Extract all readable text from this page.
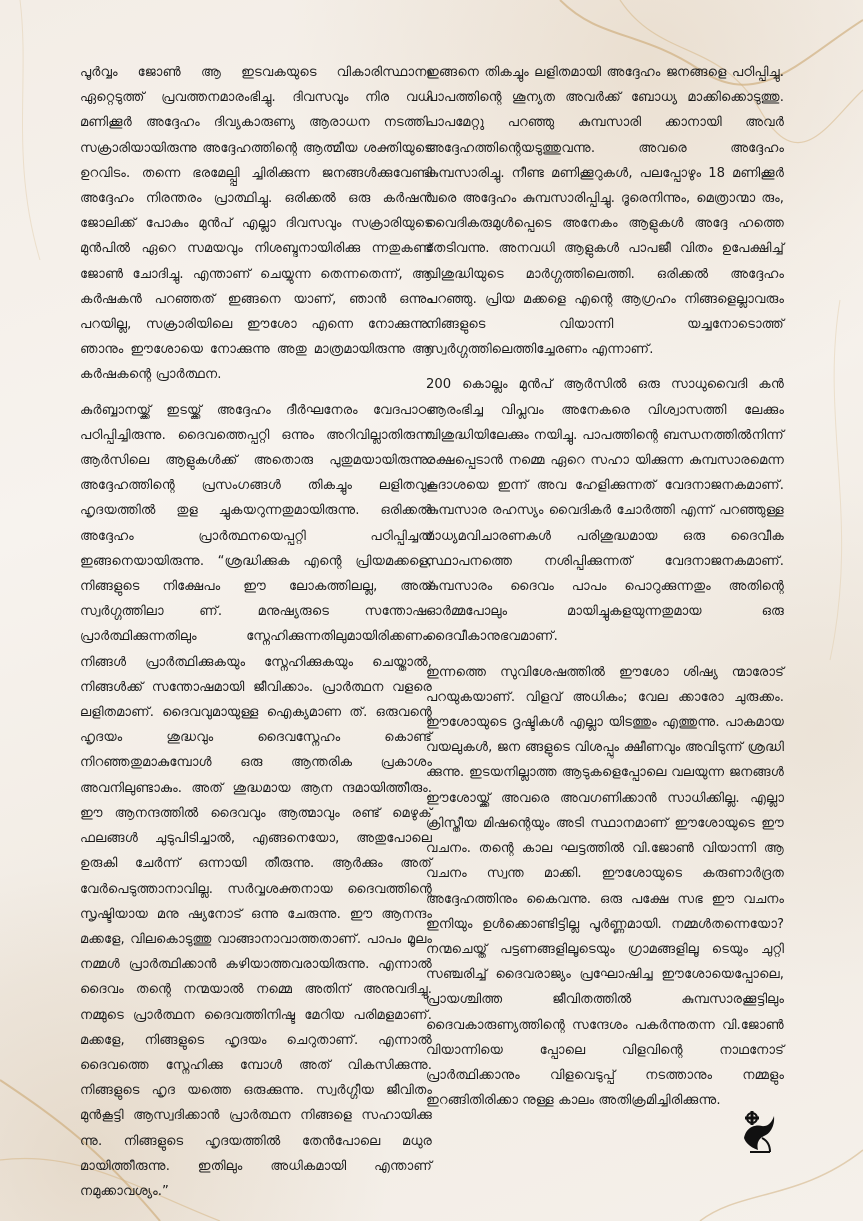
പൂർവ്വം ജോൺ ആ ഇടവകയുടെ വികാരിസ്ഥാനം ഏറ്റെടുത്ത് പ്രവത്തനമാരംഭിച്ചു. ദിവസവും നിര വധി മണിക്കൂർ അദ്ദേഹം ദിവ്യകാരുണ്യ ആരാധന നടത്തി. സക്രാരിയായിരുന്നു അദ്ദേഹത്തിന്റെ ആത്മീയ ശക്തിയുടെ ഉറവിടം. തന്നെ ഭരമേല്പ്പി ച്ചിരിക്കുന്ന ജനങ്ങൾക്കുവേണ്ടി അദ്ദേഹം നിരന്തരം പ്രാത്ഥിച്ചു. ഒരിക്കൽ ഒരു കർഷൻ ജോലിക്ക് പോകും മുൻപ് എല്ലാ ദിവസവും സക്രാരിയുടെ മുൻപിൽ ഏറെ സമയവും നിശബ്ദനായിരിക്കു ന്നതുകണ്ട് ജോൺ ചോദിച്ചു. എന്താണ് ചെയ്യുന്ന തെന്നതെന്ന്, ആ കർഷകൻ പറഞ്ഞത് ഇങ്ങനെ യാണ്, ഞാൻ ഒന്നും പറയില്ല, സക്രാരിയിലെ ഈശോ എന്നെ നോക്കുന്നു. ഞാനും ഈശോയെ നോക്കുന്നു അതു മാത്രമായിരുന്നു ആ കർഷകന്റെ പ്രാർത്ഥന.

കുർബ്ബാനയ്ക്ക് ഇടയ്ക്ക് അദ്ദേഹം ദീർഘനേരം വേദപാഠം പഠിപ്പിച്ചിരുന്നു. ദൈവത്തെപ്പറ്റി ഒന്നും അറിവില്ലാതിരുന്ന ആർസിലെ ആളുകൾക്ക് അതൊരു പുതുമയായിരുന്നു. അദ്ദേഹത്തിന്റെ പ്രസംഗങ്ങൾ തികച്ചും ലളിതവും ഹൃദയത്തിൽ തുള ച്ചുകയറുന്നതുമായിരുന്നു. ഒരിക്കൽ അദ്ദേഹം പ്രാർത്ഥനയെപ്പറ്റി പഠിപ്പിച്ചത് ഇങ്ങനെയായിരുന്നു. “ശ്രദ്ധിക്കുക എന്റെ പ്രിയമക്കളെ, നിങ്ങളുടെ നിക്ഷേപം ഈ ലോകത്തിലല്ല, അത് സ്വർഗ്ഗത്തിലാ ണ്. മനുഷ്യരുടെ സന്തോഷം പ്രാർത്ഥിക്കുന്നതിലും സ്നേഹിക്കുന്നതിലുമായിരിക്കണം. നിങ്ങൾ പ്രാർത്ഥിക്കുകയും സ്നേഹിക്കുകയും ചെയ്താൽ, നിങ്ങൾക്ക് സന്തോഷമായി ജീവിക്കാം. പ്രാർത്ഥന വളരെ ലളിതമാണ്. ദൈവവുമായുള്ള ഐക്യമാണ ത്. ഒരുവന്റെ ഹൃദയം ശുദ്ധവും ദൈവസ്നേഹം കൊണ്ട് നിറഞ്ഞതുമാകുമ്പോൾ ഒരു ആന്തരിക പ്രകാശം അവനിലുണ്ടാകും. അത് ശുദ്ധമായ ആന ന്ദമായിത്തീരും. ഈ ആനന്ദത്തിൽ ദൈവവും ആത്മാവും രണ്ട് മെഴുക് ഫലങ്ങൾ ചുടുപിടിച്ചാൽ, എങ്ങനെയോ, അതുപോലെ ഉരുകി ചേർന്ന് ഒന്നായി തീരുന്നു. ആർക്കും അത് വേർപെടുത്താനാവില്ല. സർവ്വശക്തനായ ദൈവത്തിന്റെ സൃഷ്ടിയായ മനു ഷ്യനോട് ഒന്നു ചേരുന്നു. ഈ ആനന്ദം മക്കളേ, വിലകൊടുത്തു വാങ്ങാനാവാത്തതാണ്. പാപം മൂലം നമ്മൾ പ്രാർത്ഥിക്കാൻ കഴിയാത്തവരായിരുന്നു. എന്നാൽ ദൈവം തന്റെ നന്മയാൽ നമ്മെ അതിന് അനുവദിച്ചു. നമ്മുടെ പ്രാർത്ഥന ദൈവത്തിനിഷ്ട മേറിയ പരിമളമാണ്. മക്കളേ, നിങ്ങളുടെ ഹൃദയം ചെറുതാണ്. എന്നാൽ ദൈവത്തെ സ്നേഹിക്കു മ്പോൾ അത് വികസിക്കുന്നു. നിങ്ങളുടെ ഹൃദ യത്തെ ഒരുക്കുന്നു. സ്വർഗ്ഗീയ ജീവിതം മുൻകൂട്ടി ആസ്വദിക്കാൻ പ്രാർത്ഥന നിങ്ങളെ സഹായിക്കു ന്നു. നിങ്ങളുടെ ഹൃദയത്തിൽ തേൻപോലെ മധുര മായിത്തീരുന്നു. ഇതിലും അധികമായി എന്താണ് നമുക്കാവശ്യം.”

ഇങ്ങനെ തികച്ചും ലളിതമായി അദ്ദേഹം ജനങ്ങളെ പഠിപ്പിച്ചു. പാപത്തിന്റെ ശൂന്യത അവർക്ക് ബോധ്യ മാക്കിക്കൊടുത്തു. പാപമേറ്റു പറഞ്ഞു കുമ്പസാരി ക്കാനായി അവർ അദ്ദേഹത്തിന്റെയടുത്തുവന്നു. അവരെ അദ്ദേഹം കുമ്പസാരിച്ചു. നീണ്ട മണിക്കൂറുകൾ, പലപ്പോഴും 18 മണിക്കൂർ വരെ അദ്ദേഹം കുമ്പസാരിപ്പിച്ചു. ദൂരെനിന്നും, മെത്രാന്മാ രും, വൈദികരുമുൾപ്പെടെ അനേകം ആളുകൾ അദ്ദേ ഹത്തെ തേടിവന്നു. അനവധി ആളുകൾ പാപജീ വിതം ഉപേക്ഷിച്ച് വിശുദ്ധിയുടെ മാർഗ്ഗത്തിലെത്തി. ഒരിക്കൽ അദ്ദേഹം പറഞ്ഞു. പ്രിയ മക്കളെ എന്റെ ആഗ്രഹം നിങ്ങളെല്ലാവരും നിങ്ങളുടെ വിയാന്നി യച്ചനോടൊത്ത് സ്വർഗ്ഗത്തിലെത്തിച്ചേരണം എന്നാണ്.

200 കൊല്ലം മുൻപ് ആർസിൽ ഒരു സാധുവൈദി കൻ ആരംഭിച്ച വിപ്ലവം അനേകരെ വിശ്വാസത്തി ലേക്കും വിശുദ്ധിയിലേക്കും നയിച്ചു. പാപത്തിന്റെ ബന്ധനത്തിൽനിന്ന് രക്ഷപ്പെടാൻ നമ്മെ ഏറെ സഹാ യിക്കുന്ന കുമ്പസാരമെന്ന കൂദാശയെ ഇന്ന് അവ ഹേളിക്കുന്നത് വേദനാജനകമാണ്. കുമ്പസാര രഹസ്യം വൈദികർ ചോർത്തി എന്ന് പറഞ്ഞുള്ള മാധ്യമവിചാരണകൾ പരിശുദ്ധമായ ഒരു ദൈവീക സ്ഥാപനത്തെ നശിപ്പിക്കുന്നത് വേദനാജനകമാണ്. കുമ്പസാരം ദൈവം പാപം പൊറുക്കുന്നതും അതിന്റെ ഓർമ്മപോലും മായിച്ചുകളയുന്നതുമായ ഒരു ദൈവീകാനുഭവമാണ്.

ഇന്നത്തെ സുവിശേഷത്തിൽ ഈശോ ശിഷ്യ ന്മാരോട് പറയുകയാണ്. വിളവ് അധികം; വേല ക്കാരോ ചുരുക്കം. ഈശോയുടെ ദൃഷ്ടികൾ എല്ലാ യിടത്തും എത്തുന്നു. പാകമായ വയലുകൾ, ജന ങ്ങളുടെ വിശപ്പും ക്ഷീണവും അവിടുന്ന് ശ്രദ്ധി ക്കുന്നു. ഇടയനില്ലാത്ത ആടുകളെപ്പോലെ വലയുന്ന ജനങ്ങൾ ഈശോയ്ക്ക് അവരെ അവഗണിക്കാൻ സാധിക്കില്ല. എല്ലാ ക്രിസ്തീയ മിഷന്റെയും അടി സ്ഥാനമാണ് ഈശോയുടെ ഈ വചനം. തന്റെ കാല ഘട്ടത്തിൽ വി.ജോൺ വിയാന്നി ആ വചനം സ്വന്ത മാക്കി. ഈശോയുടെ കരുണാർദ്രത അദ്ദേഹത്തിനും കൈവന്നു. ഒരു പക്ഷേ സഭ ഈ വചനം ഇനിയും ഉൾക്കൊണ്ടിട്ടില്ല പൂർണ്ണമായി. നമ്മൾതന്നെയോ? നന്മചെയ്ത് പട്ടണങ്ങളിലൂടെയും ഗ്രാമങ്ങളിലൂ ടെയും ചുറ്റി സഞ്ചരിച്ച് ദൈവരാജ്യം പ്രഘോഷിച്ച ഈശോയെപ്പോലെ, പ്രായശ്ചിത്ത ജീവിതത്തിൽ കുമ്പസാരക്കൂട്ടിലും ദൈവകാരുണ്യത്തിന്റെ സന്ദേശം പകർന്നുതന്ന വി.ജോൺ വിയാന്നിയെ പ്പോലെ വിളവിന്റെ നാഥനോട് പ്രാർത്ഥിക്കാനും വിളവെടുപ്പ് നടത്താനും നമ്മളും ഇറങ്ങിതിരിക്കാ നുള്ള കാലം അതിക്രമിച്ചിരിക്കുന്നു.
